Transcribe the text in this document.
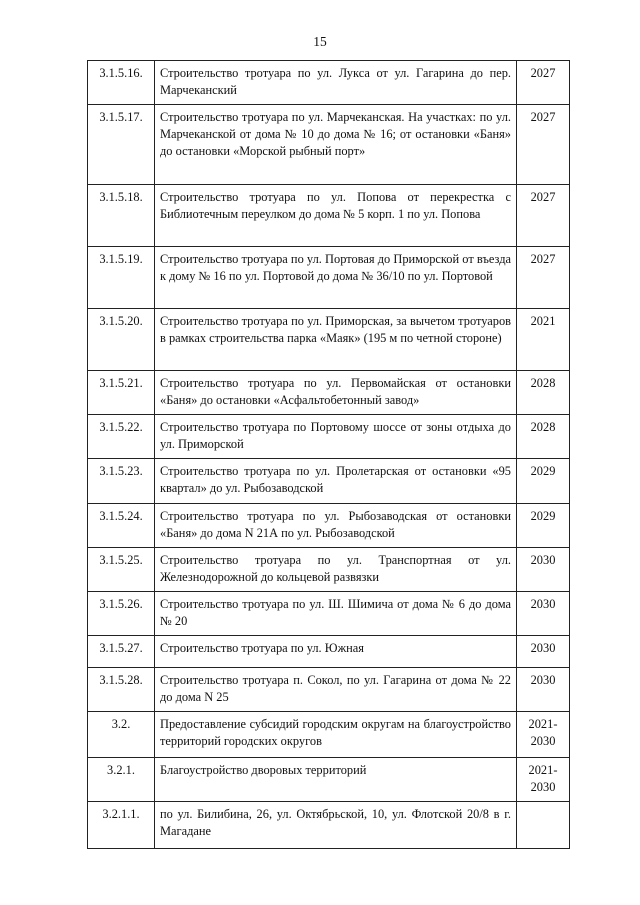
15
3.1.5.16.	Строительство тротуара по ул. Лукса от ул. Гагарина до пер. Марчеканский	2027
3.1.5.17.	Строительство тротуара по ул. Марчеканская. На участках: по ул. Марчеканской от дома № 10 до дома № 16; от остановки «Баня» до остановки «Морской рыбный порт»	2027
3.1.5.18.	Строительство тротуара по ул. Попова от перекрестка с Библиотечным переулком до дома № 5 корп. 1 по ул. Попова	2027
3.1.5.19.	Строительство тротуара по ул. Портовая до Приморской от въезда к дому № 16 по ул. Портовой до дома № 36/10 по ул. Портовой	2027
3.1.5.20.	Строительство тротуара по ул. Приморская, за вычетом тротуаров в рамках строительства парка «Маяк» (195 м по четной стороне)	2021
3.1.5.21.	Строительство тротуара по ул. Первомайская от остановки «Баня» до остановки «Асфальтобетонный завод»	2028
3.1.5.22.	Строительство тротуара по Портовому шоссе от зоны отдыха до ул. Приморской	2028
3.1.5.23.	Строительство тротуара по ул. Пролетарская от остановки «95 квартал» до ул. Рыбозаводской	2029
3.1.5.24.	Строительство тротуара по ул. Рыбозаводская от остановки «Баня» до дома N 21А по ул. Рыбозаводской	2029
3.1.5.25.	Строительство тротуара по ул. Транспортная от ул. Железнодорожной до кольцевой развязки	2030
3.1.5.26.	Строительство тротуара по ул. Ш. Шимича от дома № 6 до дома № 20	2030
3.1.5.27.	Строительство тротуара по ул. Южная	2030
3.1.5.28.	Строительство тротуара п. Сокол, по ул. Гагарина от дома № 22 до дома N 25	2030
3.2.	Предоставление субсидий городским округам на благоустройство территорий городских округов	2021-2030
3.2.1.	Благоустройство дворовых территорий	2021-2030
3.2.1.1.	по ул. Билибина, 26, ул. Октябрьской, 10, ул. Флотской 20/8 в г. Магадане	
